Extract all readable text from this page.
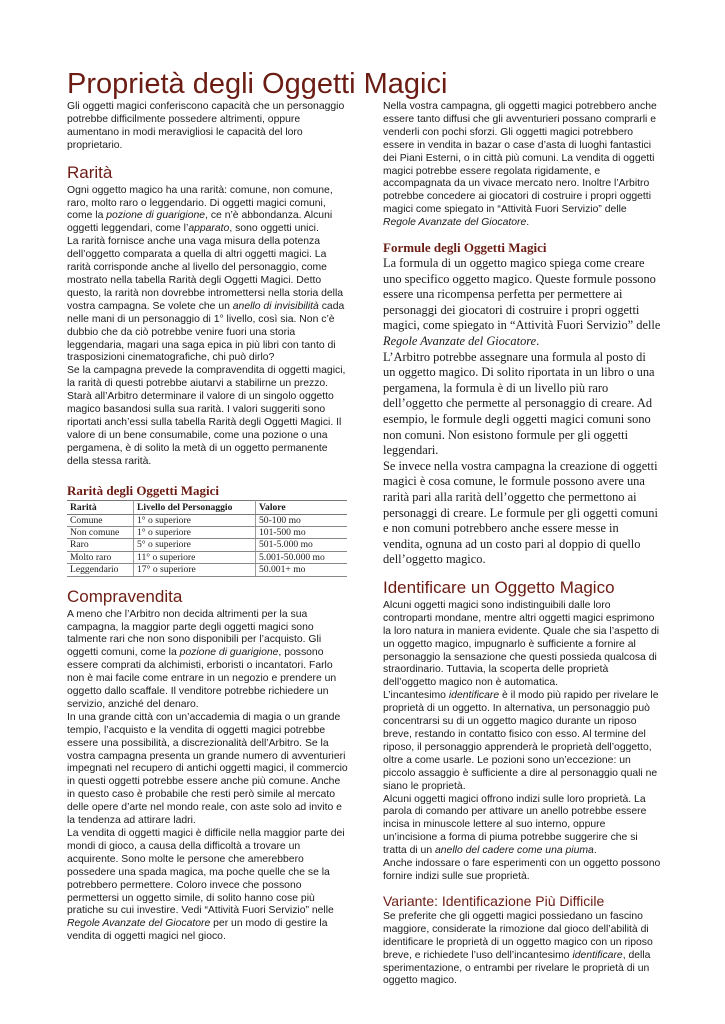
Proprietà degli Oggetti Magici

Gli oggetti magici conferiscono capacità che un personaggio potrebbe difficilmente possedere altrimenti, oppure aumentano in modi meravigliosi le capacità del loro proprietario.

Rarità

Ogni oggetto magico ha una rarità: comune, non comune, raro, molto raro o leggendario. Di oggetti magici comuni, come la pozione di guarigione, ce n’è abbondanza. Alcuni oggetti leggendari, come l’apparato, sono oggetti unici.

La rarità fornisce anche una vaga misura della potenza dell’oggetto comparata a quella di altri oggetti magici. La rarità corrisponde anche al livello del personaggio, come mostrato nella tabella Rarità degli Oggetti Magici. Detto questo, la rarità non dovrebbe intromettersi nella storia della vostra campagna. Se volete che un anello di invisibilità cada nelle mani di un personaggio di 1° livello, così sia. Non c’è dubbio che da ciò potrebbe venire fuori una storia leggendaria, magari una saga epica in più libri con tanto di trasposizioni cinematografiche, chi può dirlo?

Se la campagna prevede la compravendita di oggetti magici, la rarità di questi potrebbe aiutarvi a stabilirne un prezzo. Starà all’Arbitro determinare il valore di un singolo oggetto magico basandosi sulla sua rarità. I valori suggeriti sono riportati anch’essi sulla tabella Rarità degli Oggetti Magici. Il valore di un bene consumabile, come una pozione o una pergamena, è di solito la metà di un oggetto permanente della stessa rarità.

Rarità degli Oggetti Magici
Rarità	Livello del Personaggio	Valore
Comune	1° o superiore	50-100 mo
Non comune	1° o superiore	101-500 mo
Raro	5° o superiore	501-5.000 mo
Molto raro	11° o superiore	5.001-50.000 mo
Leggendario	17° o superiore	50.001+ mo
Compravendita

A meno che l’Arbitro non decida altrimenti per la sua campagna, la maggior parte degli oggetti magici sono talmente rari che non sono disponibili per l’acquisto. Gli oggetti comuni, come la pozione di guarigione, possono essere comprati da alchimisti, erboristi o incantatori. Farlo non è mai facile come entrare in un negozio e prendere un oggetto dallo scaffale. Il venditore potrebbe richiedere un servizio, anziché del denaro.

In una grande città con un’accademia di magia o un grande tempio, l’acquisto e la vendita di oggetti magici potrebbe essere una possibilità, a discrezionalità dell’Arbitro. Se la vostra campagna presenta un grande numero di avventurieri impegnati nel recupero di antichi oggetti magici, il commercio in questi oggetti potrebbe essere anche più comune. Anche in questo caso è probabile che resti però simile al mercato delle opere d’arte nel mondo reale, con aste solo ad invito e la tendenza ad attirare ladri.

La vendita di oggetti magici è difficile nella maggior parte dei mondi di gioco, a causa della difficoltà a trovare un acquirente. Sono molte le persone che amerebbero possedere una spada magica, ma poche quelle che se la potrebbero permettere. Coloro invece che possono permettersi un oggetto simile, di solito hanno cose più pratiche su cui investire. Vedi “Attività Fuori Servizio” nelle Regole Avanzate del Giocatore per un modo di gestire la vendita di oggetti magici nel gioco.

Nella vostra campagna, gli oggetti magici potrebbero anche essere tanto diffusi che gli avventurieri possano comprarli e venderli con pochi sforzi. Gli oggetti magici potrebbero essere in vendita in bazar o case d’asta di luoghi fantastici dei Piani Esterni, o in città più comuni. La vendita di oggetti magici potrebbe essere regolata rigidamente, e accompagnata da un vivace mercato nero. Inoltre l’Arbitro potrebbe concedere ai giocatori di costruire i propri oggetti magici come spiegato in “Attività Fuori Servizio” delle Regole Avanzate del Giocatore.

Formule degli Oggetti Magici

La formula di un oggetto magico spiega come creare uno specifico oggetto magico. Queste formule possono essere una ricompensa perfetta per permettere ai personaggi dei giocatori di costruire i propri oggetti magici, come spiegato in “Attività Fuori Servizio” delle Regole Avanzate del Giocatore.

L’Arbitro potrebbe assegnare una formula al posto di un oggetto magico. Di solito riportata in un libro o una pergamena, la formula è di un livello più raro dell’oggetto che permette al personaggio di creare. Ad esempio, le formule degli oggetti magici comuni sono non comuni. Non esistono formule per gli oggetti leggendari.

Se invece nella vostra campagna la creazione di oggetti magici è cosa comune, le formule possono avere una rarità pari alla rarità dell’oggetto che permettono ai personaggi di creare. Le formule per gli oggetti comuni e non comuni potrebbero anche essere messe in vendita, ognuna ad un costo pari al doppio di quello dell’oggetto magico.

Identificare un Oggetto Magico

Alcuni oggetti magici sono indistinguibili dalle loro controparti mondane, mentre altri oggetti magici esprimono la loro natura in maniera evidente. Quale che sia l’aspetto di un oggetto magico, impugnarlo è sufficiente a fornire al personaggio la sensazione che questi possieda qualcosa di straordinario. Tuttavia, la scoperta delle proprietà dell’oggetto magico non è automatica.

L’incantesimo identificare è il modo più rapido per rivelare le proprietà di un oggetto. In alternativa, un personaggio può concentrarsi su di un oggetto magico durante un riposo breve, restando in contatto fisico con esso. Al termine del riposo, il personaggio apprenderà le proprietà dell’oggetto, oltre a come usarle. Le pozioni sono un’eccezione: un piccolo assaggio è sufficiente a dire al personaggio quali ne siano le proprietà.

Alcuni oggetti magici offrono indizi sulle loro proprietà. La parola di comando per attivare un anello potrebbe essere incisa in minuscole lettere al suo interno, oppure un’incisione a forma di piuma potrebbe suggerire che si tratta di un anello del cadere come una piuma.

Anche indossare o fare esperimenti con un oggetto possono fornire indizi sulle sue proprietà.

Variante: Identificazione Più Difficile

Se preferite che gli oggetti magici possiedano un fascino maggiore, considerate la rimozione dal gioco dell’abilità di identificare le proprietà di un oggetto magico con un riposo breve, e richiedete l’uso dell’incantesimo identificare, della sperimentazione, o entrambi per rivelare le proprietà di un oggetto magico.
